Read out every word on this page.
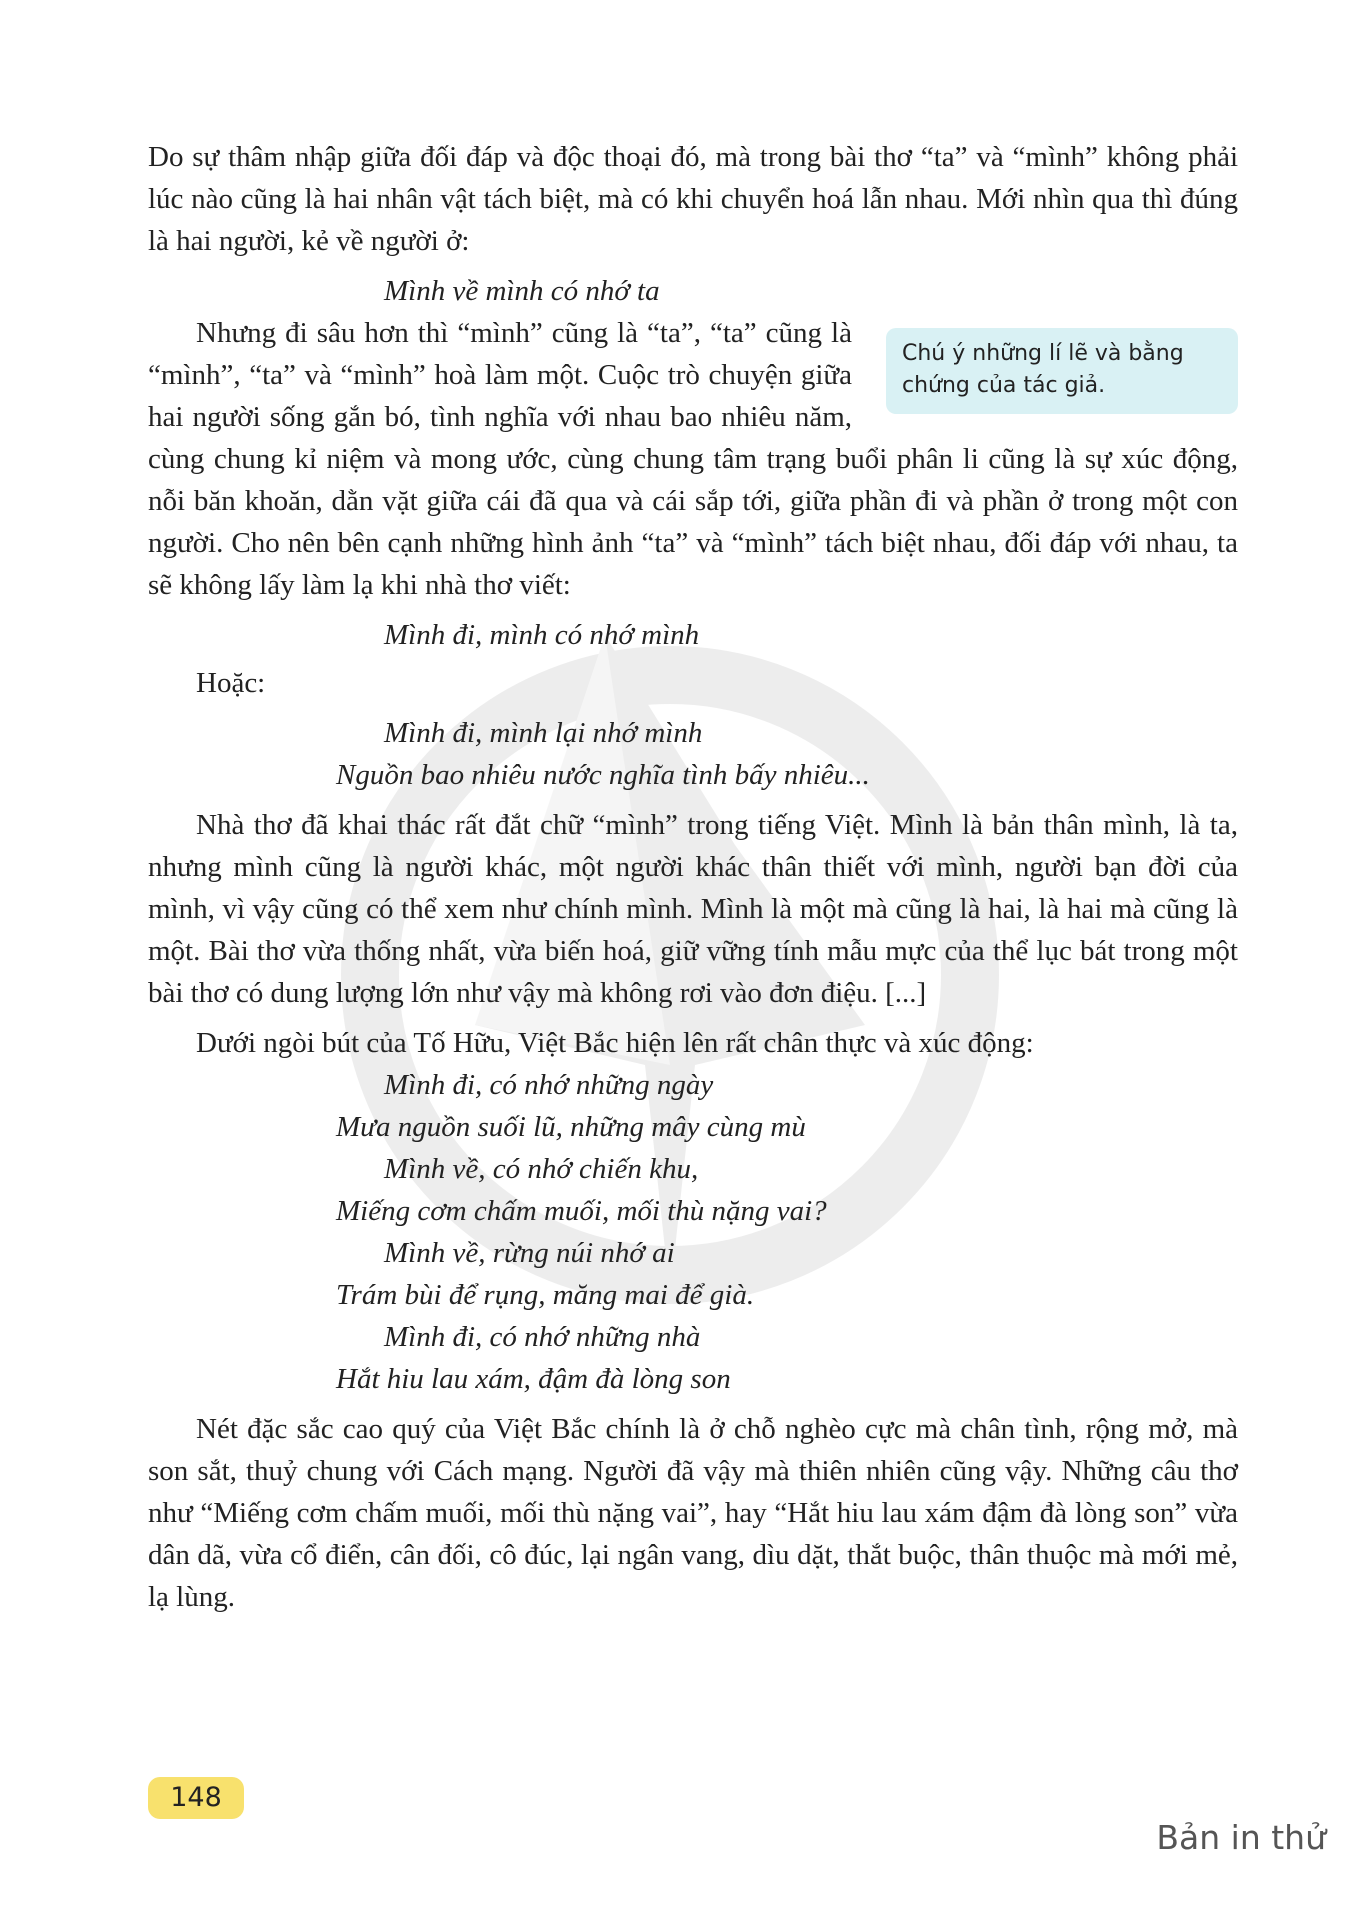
Do sự thâm nhập giữa đối đáp và độc thoại đó, mà trong bài thơ “ta” và “mình” không phải lúc nào cũng là hai nhân vật tách biệt, mà có khi chuyển hoá lẫn nhau. Mới nhìn qua thì đúng là hai người, kẻ về người ở:

Mình về mình có nhớ ta

Chú ý những lí lẽ và bằng chứng của tác giả.
Nhưng đi sâu hơn thì “mình” cũng là “ta”, “ta” cũng là “mình”, “ta” và “mình” hoà làm một. Cuộc trò chuyện giữa hai người sống gắn bó, tình nghĩa với nhau bao nhiêu năm, cùng chung kỉ niệm và mong ước, cùng chung tâm trạng buổi phân li cũng là sự xúc động, nỗi băn khoăn, dằn vặt giữa cái đã qua và cái sắp tới, giữa phần đi và phần ở trong một con người. Cho nên bên cạnh những hình ảnh “ta” và “mình” tách biệt nhau, đối đáp với nhau, ta sẽ không lấy làm lạ khi nhà thơ viết:

Mình đi, mình có nhớ mình

Hoặc:

Mình đi, mình lại nhớ mình

Nguồn bao nhiêu nước nghĩa tình bấy nhiêu...

Nhà thơ đã khai thác rất đắt chữ “mình” trong tiếng Việt. Mình là bản thân mình, là ta, nhưng mình cũng là người khác, một người khác thân thiết với mình, người bạn đời của mình, vì vậy cũng có thể xem như chính mình. Mình là một mà cũng là hai, là hai mà cũng là một. Bài thơ vừa thống nhất, vừa biến hoá, giữ vững tính mẫu mực của thể lục bát trong một bài thơ có dung lượng lớn như vậy mà không rơi vào đơn điệu. [...]

Dưới ngòi bút của Tố Hữu, Việt Bắc hiện lên rất chân thực và xúc động:

Mình đi, có nhớ những ngày

Mưa nguồn suối lũ, những mây cùng mù

Mình về, có nhớ chiến khu,

Miếng cơm chấm muối, mối thù nặng vai?

Mình về, rừng núi nhớ ai

Trám bùi để rụng, măng mai để già.

Mình đi, có nhớ những nhà

Hắt hiu lau xám, đậm đà lòng son

Nét đặc sắc cao quý của Việt Bắc chính là ở chỗ nghèo cực mà chân tình, rộng mở, mà son sắt, thuỷ chung với Cách mạng. Người đã vậy mà thiên nhiên cũng vậy. Những câu thơ như “Miếng cơm chấm muối, mối thù nặng vai”, hay “Hắt hiu lau xám đậm đà lòng son” vừa dân dã, vừa cổ điển, cân đối, cô đúc, lại ngân vang, dìu dặt, thắt buộc, thân thuộc mà mới mẻ, lạ lùng.

148
Bản in thử
